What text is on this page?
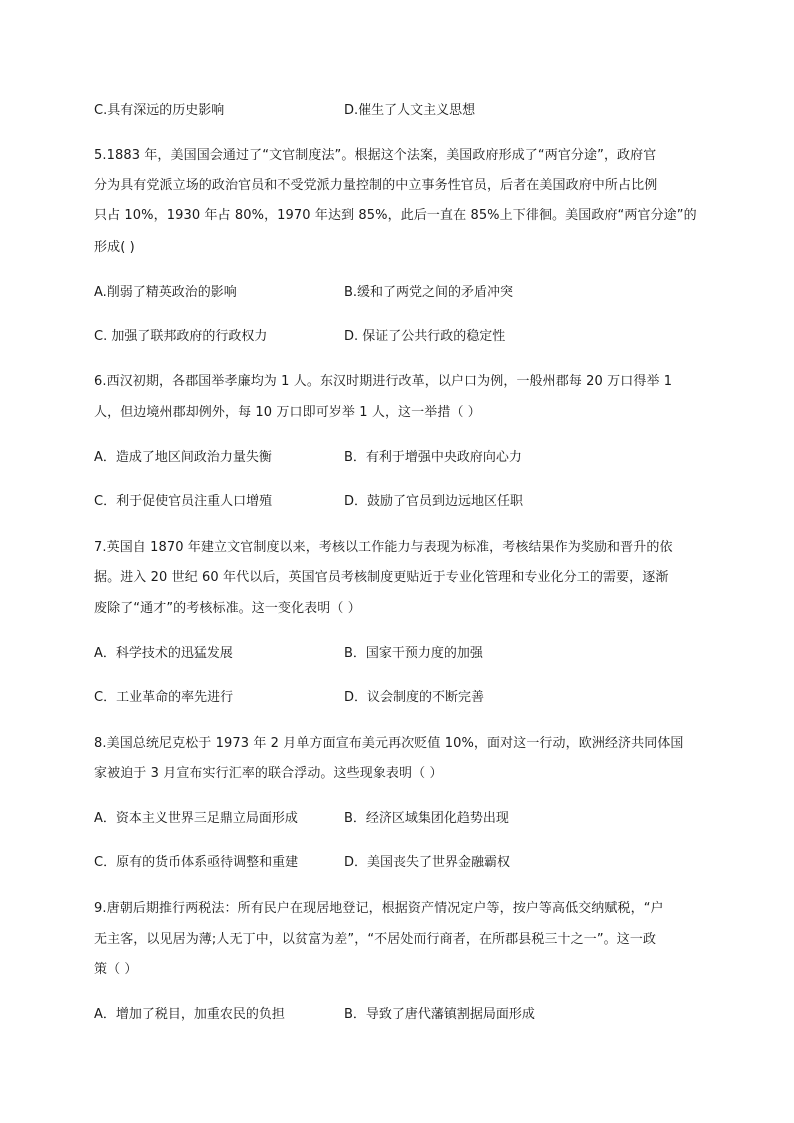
C.具有深远的历史影响	D.催生了人文主义思想
5.1883 年，美国国会通过了“文官制度法”。根据这个法案，美国政府形成了“两官分途”，政府官
分为具有党派立场的政治官员和不受党派力量控制的中立事务性官员，后者在美国政府中所占比例
只占 10%，1930 年占 80%，1970 年达到 85%，此后一直在 85%上下徘徊。美国政府“两官分途”的
形成( )
A.削弱了精英政治的影响	B.缓和了两党之间的矛盾冲突
C. 加强了联邦政府的行政权力	D. 保证了公共行政的稳定性
6.西汉初期，各郡国举孝廉均为 1 人。东汉时期进行改革，以户口为例，一般州郡每 20 万口得举 1
人，但边境州郡却例外，每 10 万口即可岁举 1 人，这一举措（ ）
A．造成了地区间政治力量失衡	B．有利于增强中央政府向心力
C．利于促使官员注重人口增殖	D．鼓励了官员到边远地区任职
7.英国自 1870 年建立文官制度以来，考核以工作能力与表现为标准，考核结果作为奖励和晋升的依
据。进入 20 世纪 60 年代以后，英国官员考核制度更贴近于专业化管理和专业化分工的需要，逐渐
废除了“通才”的考核标准。这一变化表明（ ）
A．科学技术的迅猛发展	B．国家干预力度的加强
C．工业革命的率先进行	D．议会制度的不断完善
8.美国总统尼克松于 1973 年 2 月单方面宣布美元再次贬值 10%，面对这一行动，欧洲经济共同体国
家被迫于 3 月宣布实行汇率的联合浮动。这些现象表明（ ）
A．资本主义世界三足鼎立局面形成	B．经济区域集团化趋势出现
C．原有的货币体系亟待调整和重建	D．美国丧失了世界金融霸权
9.唐朝后期推行两税法：所有民户在现居地登记，根据资产情况定户等，按户等高低交纳赋税，“户
无主客，以见居为薄;人无丁中，以贫富为差”，“不居处而行商者，在所郡县税三十之一”。这一政
策（ ）
A．增加了税目，加重农民的负担	B．导致了唐代藩镇割据局面形成
